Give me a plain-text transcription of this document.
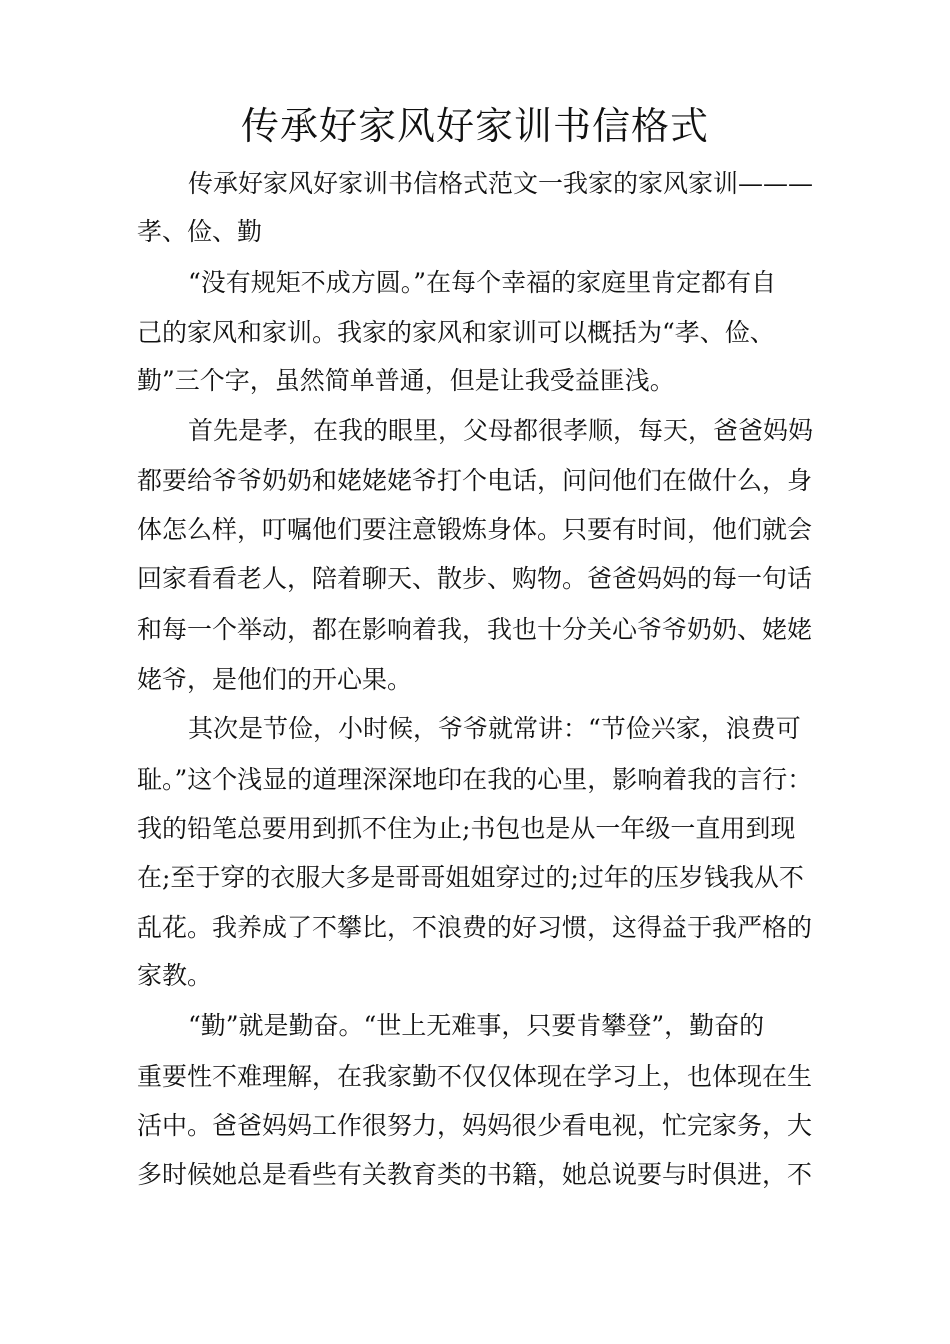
传承好家风好家训书信格式
传承好家风好家训书信格式范文一我家的家风家训———
孝、俭、勤
“没有规矩不成方圆。”在每个幸福的家庭里肯定都有自
己的家风和家训。我家的家风和家训可以概括为“孝、俭、
勤”三个字，虽然简单普通，但是让我受益匪浅。
首先是孝，在我的眼里，父母都很孝顺，每天，爸爸妈妈
都要给爷爷奶奶和姥姥姥爷打个电话，问问他们在做什么，身
体怎么样，叮嘱他们要注意锻炼身体。只要有时间，他们就会
回家看看老人，陪着聊天、散步、购物。爸爸妈妈的每一句话
和每一个举动，都在影响着我，我也十分关心爷爷奶奶、姥姥
姥爷，是他们的开心果。
其次是节俭，小时候，爷爷就常讲：“节俭兴家，浪费可
耻。”这个浅显的道理深深地印在我的心里，影响着我的言行：
我的铅笔总要用到抓不住为止;书包也是从一年级一直用到现
在;至于穿的衣服大多是哥哥姐姐穿过的;过年的压岁钱我从不
乱花。我养成了不攀比，不浪费的好习惯，这得益于我严格的
家教。
“勤”就是勤奋。“世上无难事，只要肯攀登”，勤奋的
重要性不难理解，在我家勤不仅仅体现在学习上，也体现在生
活中。爸爸妈妈工作很努力，妈妈很少看电视，忙完家务，大
多时候她总是看些有关教育类的书籍，她总说要与时俱进，不
